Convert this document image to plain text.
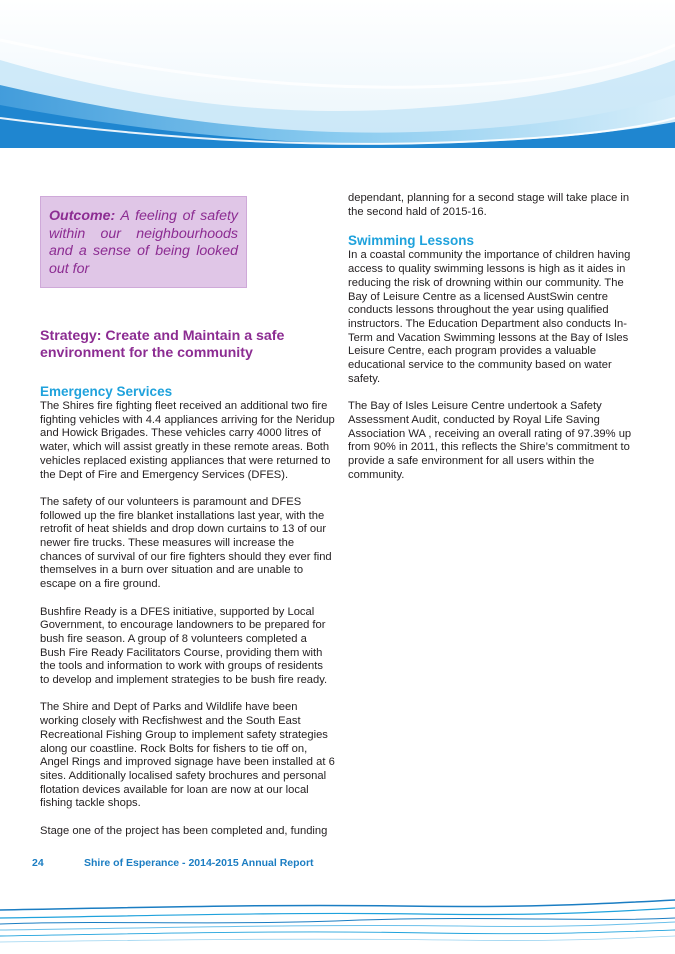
Outcome: A feeling of safety within our neighbourhoods and a sense of being looked out for

Strategy: Create and Maintain a safe environment for the community
Emergency Services

The Shires fire fighting fleet received an additional two fire fighting vehicles with 4.4 appliances arriving for the Neridup and Howick Brigades. These vehicles carry 4000 litres of water, which will assist greatly in these remote areas. Both vehicles replaced existing appliances that were returned to the Dept of Fire and Emergency Services (DFES).

The safety of our volunteers is paramount and DFES followed up the fire blanket installations last year, with the retrofit of heat shields and drop down curtains to 13 of our newer fire trucks. These measures will increase the chances of survival of our fire fighters should they ever find themselves in a burn over situation and are unable to escape on a fire ground.

Bushfire Ready is a DFES initiative, supported by Local Government, to encourage landowners to be prepared for bush fire season. A group of 8 volunteers completed a Bush Fire Ready Facilitators Course, providing them with the tools and information to work with groups of residents to develop and implement strategies to be bush fire ready.

The Shire and Dept of Parks and Wildlife have been working closely with Recfishwest and the South East Recreational Fishing Group to implement safety strategies along our coastline. Rock Bolts for fishers to tie off on, Angel Rings and improved signage have been installed at 6 sites. Additionally localised safety brochures and personal flotation devices available for loan are now at our local fishing tackle shops.

Stage one of the project has been completed and, funding

dependant, planning for a second stage will take place in the second hald of 2015-16.

Swimming Lessons

In a coastal community the importance of children having access to quality swimming lessons is high as it aides in reducing the risk of drowning within our community. The Bay of Leisure Centre as a licensed AustSwin centre conducts lessons throughout the year using qualified instructors. The Education Department also conducts In-Term and Vacation Swimming lessons at the Bay of Isles Leisure Centre, each program provides a valuable educational service to the community based on water safety.

The Bay of Isles Leisure Centre undertook a Safety Assessment Audit, conducted by Royal Life Saving Association WA , receiving an overall rating of 97.39% up from 90% in 2011, this reflects the Shire’s commitment to provide a safe environment for all users within the community.

24	Shire of Esperance - 2014-2015 Annual Report
